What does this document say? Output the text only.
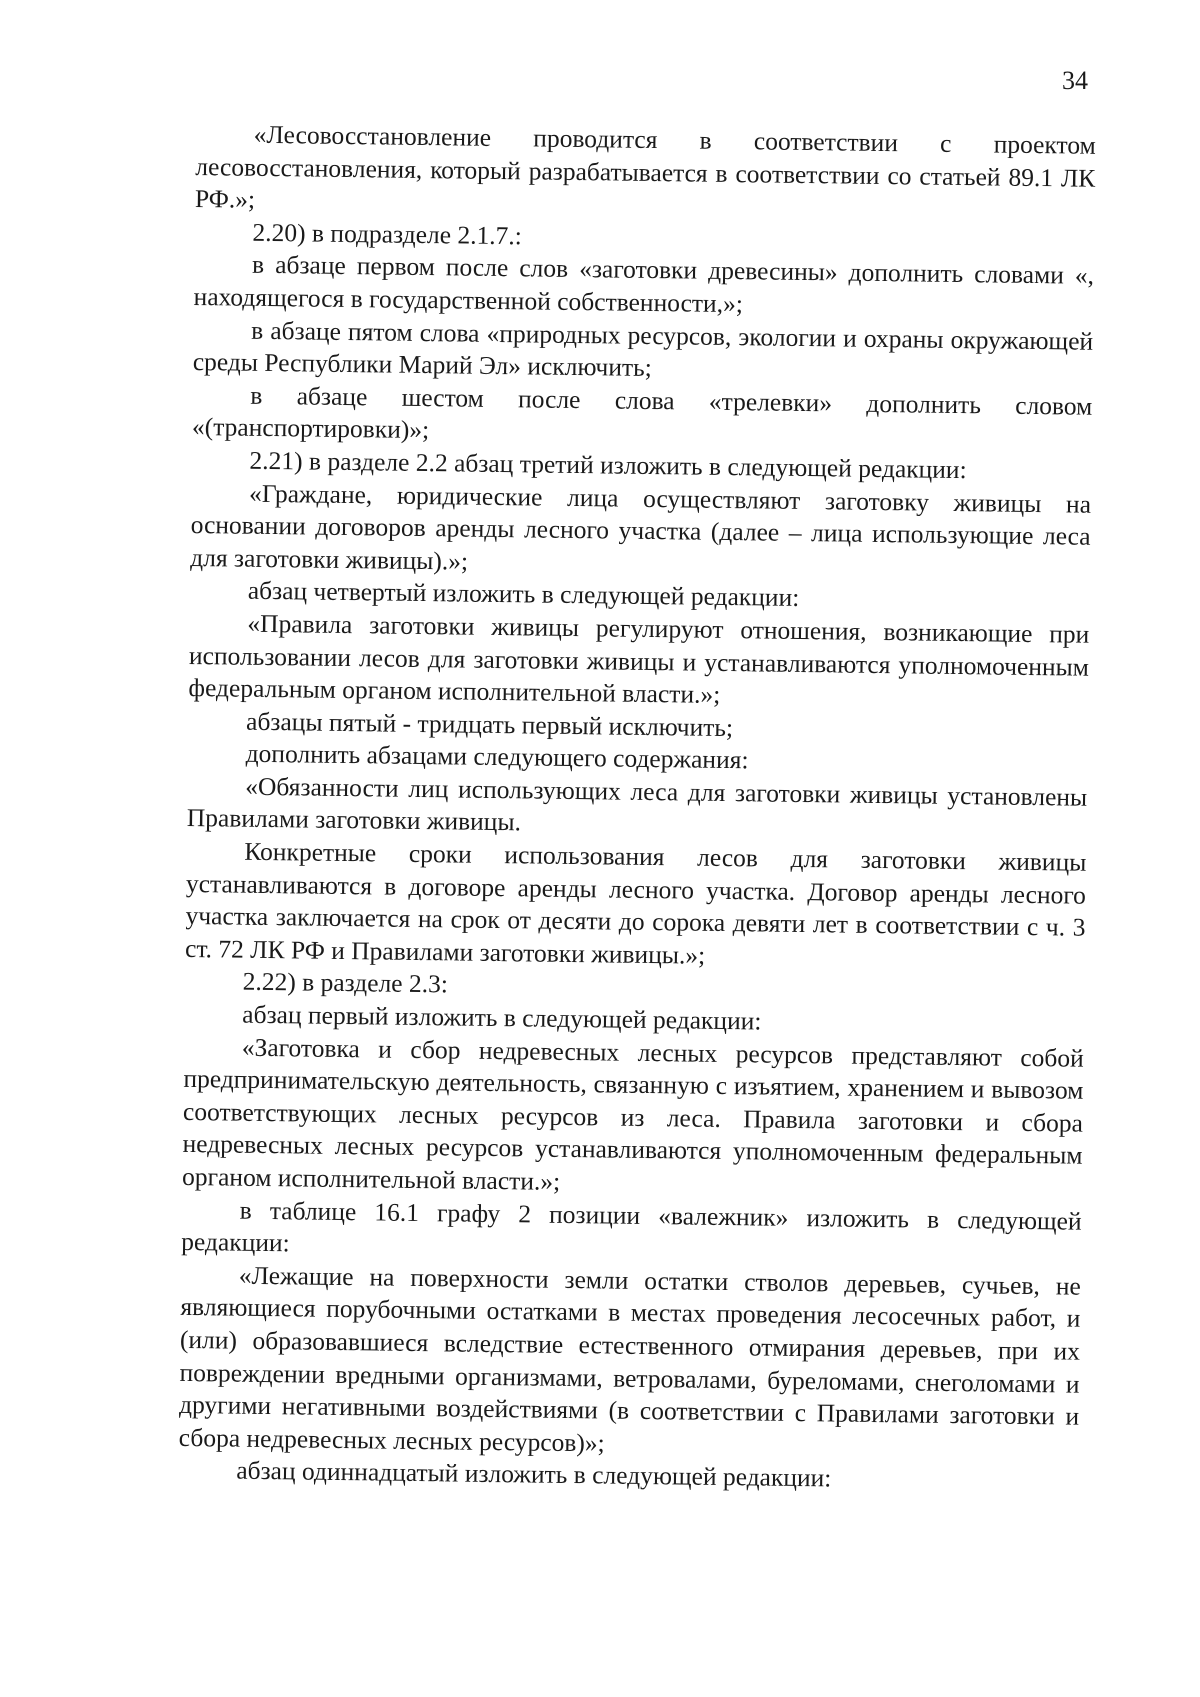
34

«Лесовосстановление проводится в соответствии с проектом лесовосстановления, который разрабатывается в соответствии со статьей 89.1 ЛК РФ.»;

2.20) в подразделе 2.1.7.:

в абзаце первом после слов «заготовки древесины» дополнить словами «, находящегося в государственной собственности,»;

в абзаце пятом слова «природных ресурсов, экологии и охраны окружающей среды Республики Марий Эл» исключить;

в абзаце шестом после слова «трелевки» дополнить словом «(транспортировки)»;

2.21) в разделе 2.2 абзац третий изложить в следующей редакции:

«Граждане, юридические лица осуществляют заготовку живицы на основании договоров аренды лесного участка (далее – лица использующие леса для заготовки живицы).»;

абзац четвертый изложить в следующей редакции:

«Правила заготовки живицы регулируют отношения, возникающие при использовании лесов для заготовки живицы и устанавливаются уполномоченным федеральным органом исполнительной власти.»;

абзацы пятый - тридцать первый исключить;

дополнить абзацами следующего содержания:

«Обязанности лиц использующих леса для заготовки живицы установлены Правилами заготовки живицы.

Конкретные сроки использования лесов для заготовки живицы устанавливаются в договоре аренды лесного участка. Договор аренды лесного участка заключается на срок от десяти до сорока девяти лет в соответствии с ч. 3 ст. 72 ЛК РФ и Правилами заготовки живицы.»;

2.22) в разделе 2.3:

абзац первый изложить в следующей редакции:

«Заготовка и сбор недревесных лесных ресурсов представляют собой предпринимательскую деятельность, связанную с изъятием, хранением и вывозом соответствующих лесных ресурсов из леса. Правила заготовки и сбора недревесных лесных ресурсов устанавливаются уполномоченным федеральным органом исполнительной власти.»;

в таблице 16.1 графу 2 позиции «валежник» изложить в следующей редакции:

«Лежащие на поверхности земли остатки стволов деревьев, сучьев, не являющиеся порубочными остатками в местах проведения лесосечных работ, и (или) образовавшиеся вследствие естественного отмирания деревьев, при их повреждении вредными организмами, ветровалами, буреломами, снеголомами и другими негативными воздействиями (в соответствии с Правилами заготовки и сбора недревесных лесных ресурсов)»;

абзац одиннадцатый изложить в следующей редакции:
